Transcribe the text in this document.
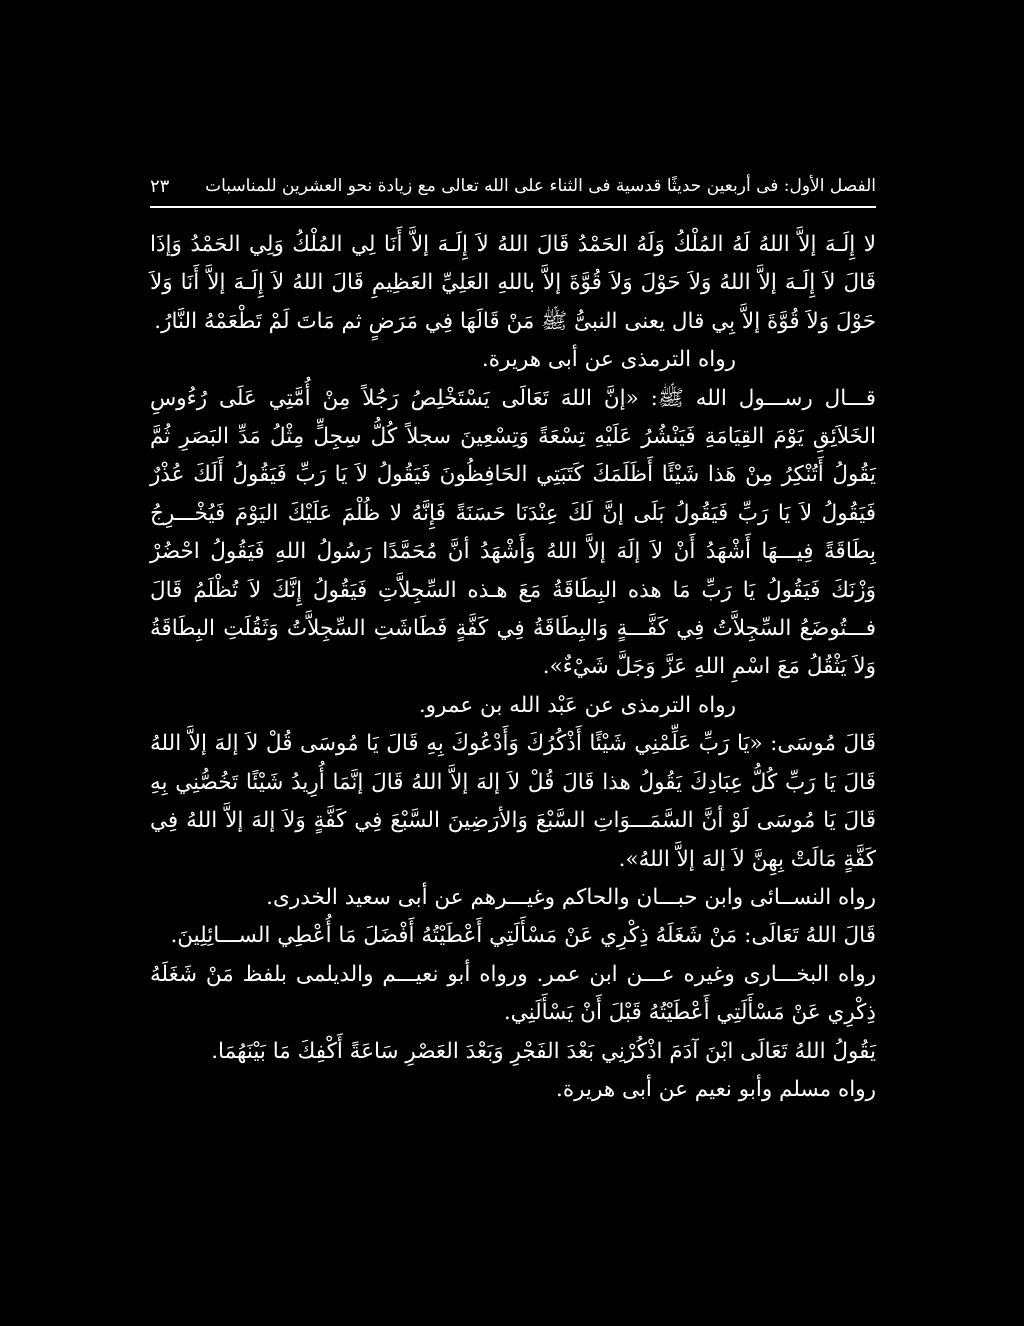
الفصل الأول: فى أربعين حديثًا قدسية فى الثناء على الله تعالى مع زيادة نحو العشرين للمناسبات
٢٣

لا إِلَـهَ إلاَّ اللهُ لَهُ المُلْكُ وَلَهُ الحَمْدُ قَالَ اللهُ لاَ إِلَـهَ إلاَّ أَنَا لِي المُلْكُ وَلِي الحَمْدُ وَإذَا قَالَ لاَ إِلَـهَ إلاَّ اللهُ وَلاَ حَوْلَ وَلاَ قُوَّةَ إلاَّ باللهِ العَلِيِّ العَظِيمِ قَالَ اللهُ لاَ إِلَـهَ إلاَّ أَنَا وَلاَ حَوْلَ وَلاَ قُوَّةَ إلاَّ بِي قال يعنى النبىُّ ﷺ مَنْ قَالَهَا فِي مَرَضٍ ثم مَاتَ لَمْ تَطْعَمْهُ النَّارُ.

رواه الترمذى عن أبى هريرة.

قـــال رســـول الله ﷺ: «إنَّ اللهَ تَعَالَى يَسْتَخْلِصُ رَجُلاً مِنْ أُمَّتِي عَلَى رُءُوسِ الخَلاَئِقِ يَوْمَ القِيَامَةِ فَيَنْشُرُ عَلَيْهِ تِسْعَةً وَتِسْعِينَ سجلاً كُلُّ سِجِلٍّ مِثْلُ مَدِّ البَصَرِ ثُمَّ يَقُولُ أَتُنْكِرُ مِنْ هَذا شَيْئًا أَظَلَمَكَ كَتَبَتِي الحَافِظُونَ فَيَقُولُ لاَ يَا رَبِّ فَيَقُولُ أَلَكَ عُذْرٌ فَيَقُولُ لاَ يَا رَبِّ فَيَقُولُ بَلَى إنَّ لَكَ عِنْدَنَا حَسَنَةً فَإِنَّهُ لا ظُلْمَ عَلَيْكَ اليَوْمَ فَيُخْـــرِجُ بِطَاقَةً فِيـــهَا أَشْهَدُ أَنْ لاَ إلَهَ إلاَّ اللهُ وَأَشْهَدُ أنَّ مُحَمَّدًا رَسُولُ اللهِ فَيَقُولُ احْضُرْ وَزْنَكَ فَيَقُولُ يَا رَبِّ مَا هذه البِطَاقَةُ مَعَ هـذه السِّجِلاَّتِ فَيَقُولُ إِنَّكَ لاَ تُظْلَمُ قَالَ فـــتُوضَعُ السِّجِلاَّتُ فِي كَفَّـــةٍ وَالبِطَاقَةُ فِي كَفَّةٍ فَطَاشَتِ السِّجِلاَّتُ وَثَقُلَتِ البِطَاقَةُ وَلاَ يَثْقُلُ مَعَ اسْمِ اللهِ عَزَّ وَجَلَّ شَيْءٌ».

رواه الترمذى عن عَبْد الله بن عمرو.

قَالَ مُوسَى: «يَا رَبِّ عَلِّمْنِي شَيْئًا أَذْكُرُكَ وَأَدْعُوكَ بِهِ قَالَ يَا مُوسَى قُلْ لاَ إلهَ إلاَّ اللهُ قَالَ يَا رَبِّ كُلُّ عِبَادِكَ يَقُولُ هذا قَالَ قُلْ لاَ إلهَ إلاَّ اللهُ قَالَ إنَّمَا أُرِيدُ شَيْئًا تَخُصُّنِي بِهِ قَالَ يَا مُوسَى لَوْ أنَّ السَّمَـــوَاتِ السَّبْعَ وَالأرَضِينَ السَّبْعَ فِي كَفَّةٍ وَلاَ إلهَ إلاَّ اللهُ فِي كَفَّةٍ مَالَتْ بِهِنَّ لاَ إلهَ إلاَّ اللهُ».

رواه النســائى وابن حبـــان والحاكم وغيـــرهم عن أبى سعيد الخدرى.

قَالَ اللهُ تَعَالَى: مَنْ شَغَلَهُ ذِكْرِي عَنْ مَسْأَلَتِي أَعْطَيْتُهُ أَفْضَلَ مَا أُعْطِي الســـائِلِينَ.

رواه البخـــارى وغيره عـــن ابن عمر. ورواه أبو نعيـــم والديلمى بلفظ مَنْ شَغَلَهُ ذِكْرِي عَنْ مَسْأَلَتِي أَعْطَيْتُهُ قَبْلَ أَنْ يَسْأَلَنِي.

يَقُولُ اللهُ تَعَالَى ابْنَ آدَمَ اذْكُرْنِي بَعْدَ الفَجْرِ وَبَعْدَ العَصْرِ سَاعَةً أَكْفِكَ مَا بَيْنَهُمَا.

رواه مسلم وأبو نعيم عن أبى هريرة.
